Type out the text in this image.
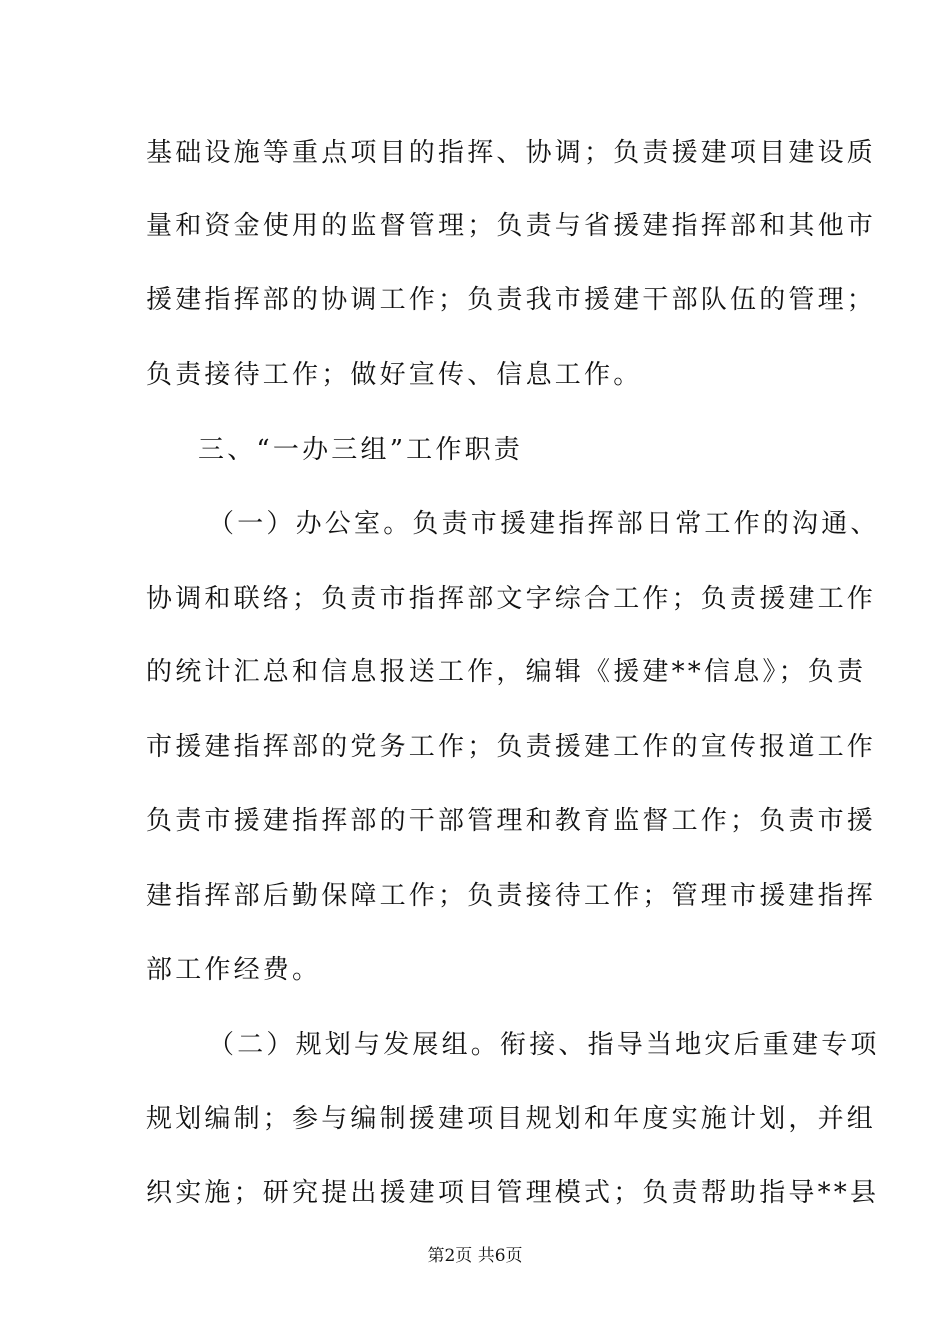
基础设施等重点项目的指挥、协调；负责援建项目建设质
量和资金使用的监督管理；负责与省援建指挥部和其他市
援建指挥部的协调工作；负责我市援建干部队伍的管理；
负责接待工作；做好宣传、信息工作。
三、“一办三组”工作职责
（一）办公室。负责市援建指挥部日常工作的沟通、
协调和联络；负责市指挥部文字综合工作；负责援建工作
的统计汇总和信息报送工作，编辑《援建**信息》；负责
市援建指挥部的党务工作；负责援建工作的宣传报道工作
负责市援建指挥部的干部管理和教育监督工作；负责市援
建指挥部后勤保障工作；负责接待工作；管理市援建指挥
部工作经费。
（二）规划与发展组。衔接、指导当地灾后重建专项
规划编制；参与编制援建项目规划和年度实施计划，并组
织实施；研究提出援建项目管理模式；负责帮助指导**县
第2页 共6页
